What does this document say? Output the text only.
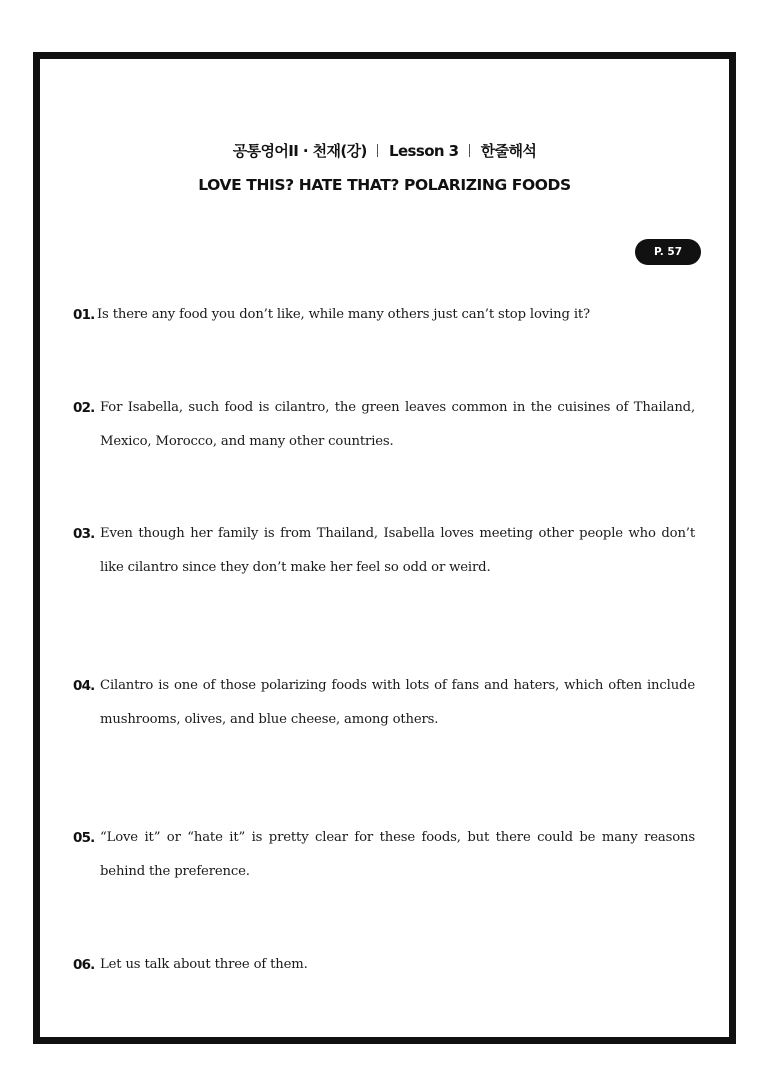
공통영어II · 천재(강) Lesson 3 한줄해석
LOVE THIS? HATE THAT? POLARIZING FOODS
P. 57
01. Is there any food you don’t like, while many others just can’t stop loving it?
02. For Isabella, such food is cilantro, the green leaves common in the cuisines of Thailand, Mexico, Morocco, and many other countries.
03. Even though her family is from Thailand, Isabella loves meeting other people who don’t like cilantro since they don’t make her feel so odd or weird.
04. Cilantro is one of those polarizing foods with lots of fans and haters, which often include mushrooms, olives, and blue cheese, among others.
05. “Love it” or “hate it” is pretty clear for these foods, but there could be many reasons behind the preference.
06. Let us talk about three of them.
